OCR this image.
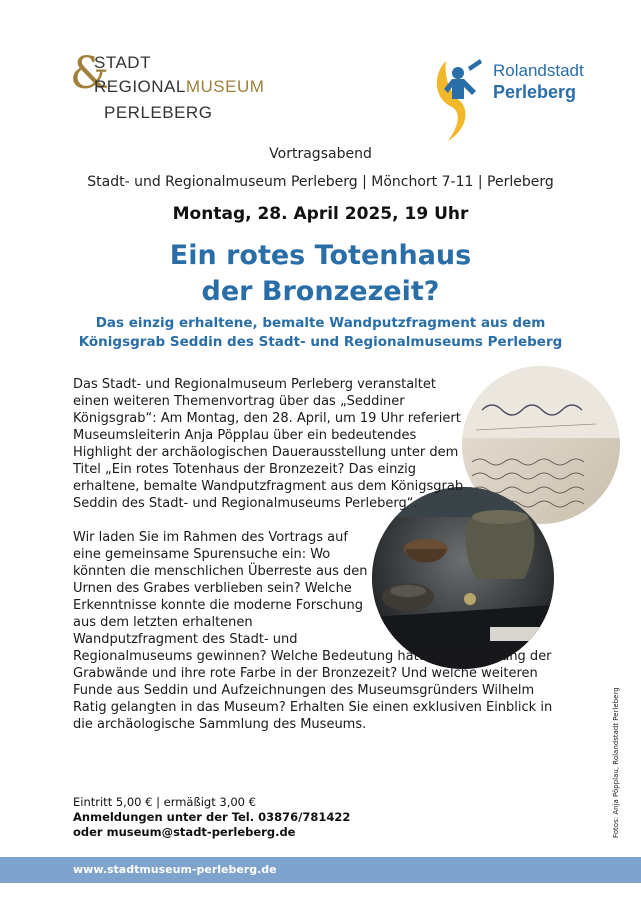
&
STADT
REGIONALMUSEUM
PERLEBERG
Rolandstadt
Perleberg
Vortragsabend
Stadt- und Regionalmuseum Perleberg | Mönchort 7-11 | Perleberg
Montag, 28. April 2025, 19 Uhr
Ein rotes Totenhaus
der Bronzezeit?
Das einzig erhaltene, bemalte Wandputzfragment aus dem
Königsgrab Seddin des Stadt- und Regionalmuseums Perleberg

Das Stadt- und Regionalmuseum Perleberg veranstaltet einen weiteren Themenvortrag über das „Seddiner Königsgrab“: Am Montag, den 28. April, um 19 Uhr referiert Museumsleiterin Anja Pöpplau über ein bedeutendes Highlight der archäologischen Dauerausstellung unter dem Titel „Ein rotes Totenhaus der Bronzezeit? Das einzig erhaltene, bemalte Wandputzfragment aus dem Königsgrab Seddin des Stadt- und Regionalmuseums Perleberg“.

Wir laden Sie im Rahmen des Vortrags auf eine gemeinsame Spurensuche ein: Wo könnten die menschlichen Überreste aus den Urnen des Grabes verblieben sein? Welche Erkenntnisse konnte die moderne Forschung aus dem letzten erhaltenen Wandputzfragment des Stadt- und
Regionalmuseums gewinnen? Welche Bedeutung hatte die Bemalung der Grabwände und ihre rote Farbe in der Bronzezeit? Und welche weiteren Funde aus Seddin und Aufzeichnungen des Museumsgründers Wilhelm Ratig gelangten in das Museum? Erhalten Sie einen exklusiven Einblick in die archäologische Sammlung des Museums.

Eintritt 5,00 € | ermäßigt 3,00 €
Anmeldungen unter der Tel. 03876/781422
oder museum@stadt-perleberg.de	Fotos: Anja Pöpplau, Rolandstadt Perleberg
www.stadtmuseum-perleberg.de
